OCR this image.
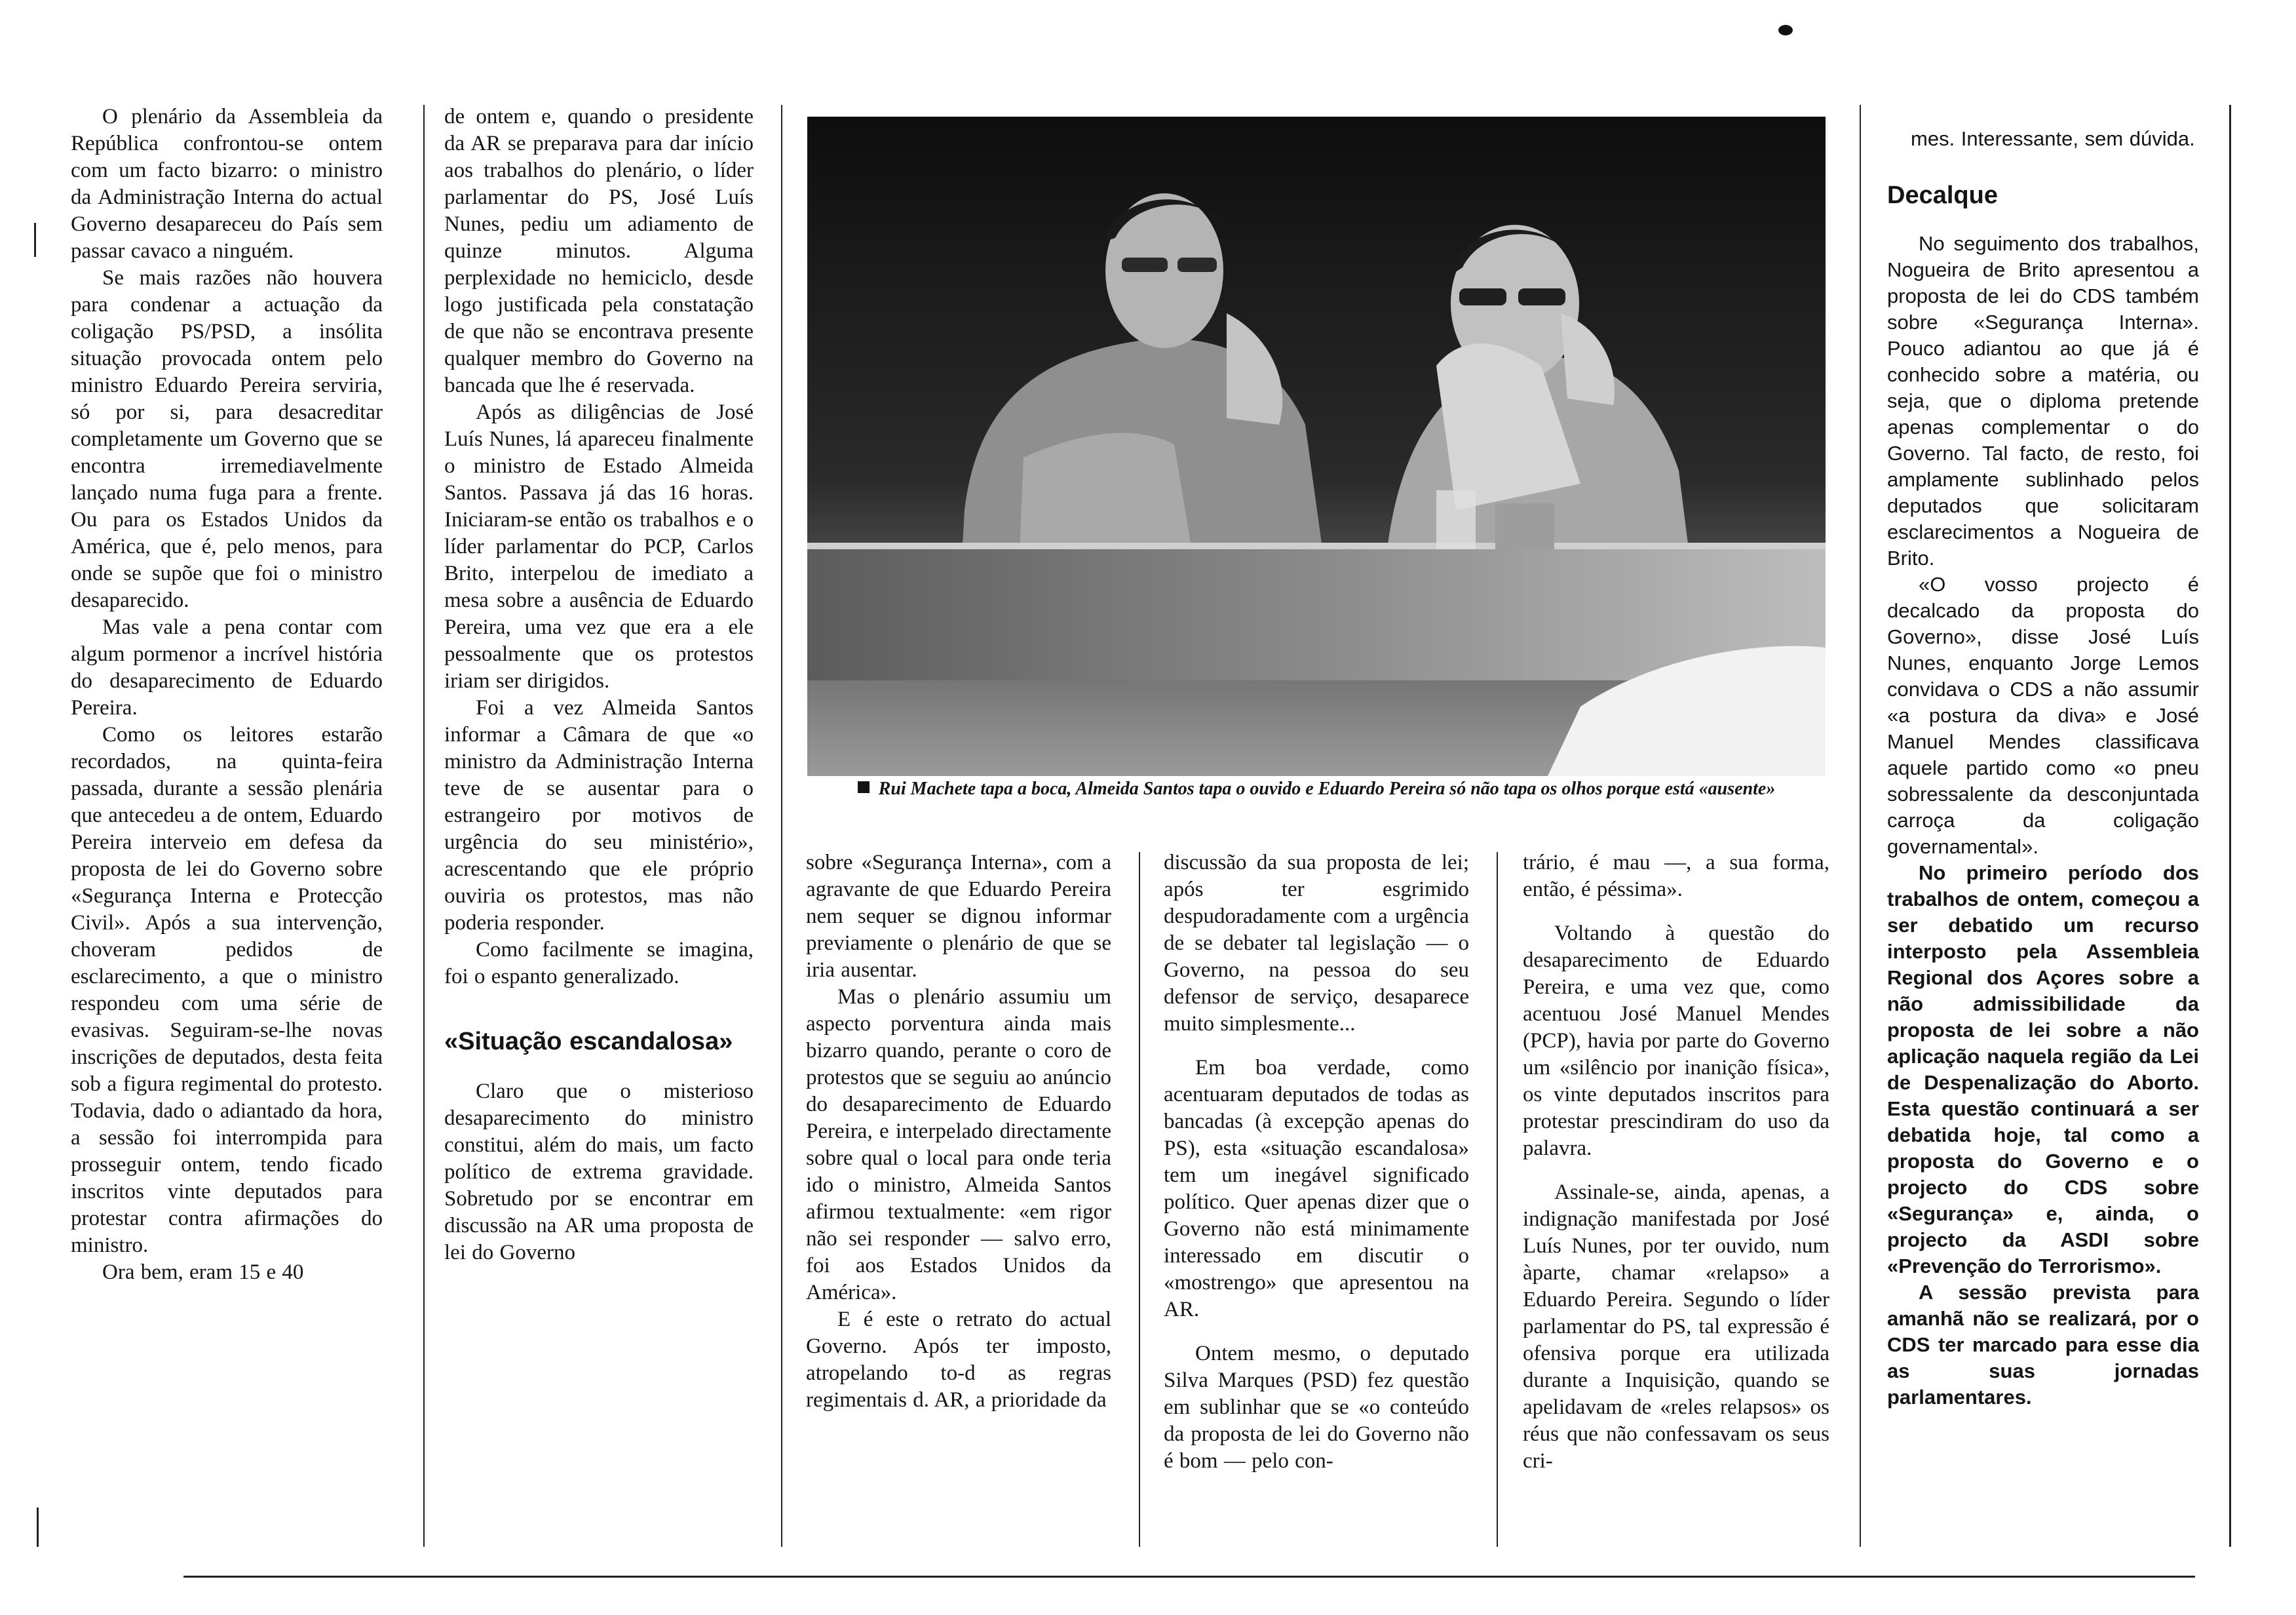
O plenário da Assembleia da República confrontou-se ontem com um facto bizarro: o ministro da Administração Interna do actual Governo desapareceu do País sem passar cavaco a ninguém.

Se mais razões não houvera para condenar a actuação da coligação PS/PSD, a insólita situação provocada ontem pelo ministro Eduardo Pereira serviria, só por si, para desacreditar completamente um Governo que se encontra irremediavelmente lançado numa fuga para a frente. Ou para os Estados Unidos da América, que é, pelo menos, para onde se supõe que foi o ministro desaparecido.

Mas vale a pena contar com algum pormenor a incrível história do desaparecimento de Eduardo Pereira.

Como os leitores estarão recordados, na quinta-feira passada, durante a sessão plenária que antecedeu a de ontem, Eduardo Pereira interveio em defesa da proposta de lei do Governo sobre «Segurança Interna e Protecção Civil». Após a sua intervenção, choveram pedidos de esclarecimento, a que o ministro respondeu com uma série de evasivas. Seguiram-se-lhe novas inscrições de deputados, desta feita sob a figura regimental do protesto. Todavia, dado o adiantado da hora, a sessão foi interrompida para prosseguir ontem, tendo ficado inscritos vinte deputados para protestar contra afirmações do ministro.

Ora bem, eram 15 e 40

de ontem e, quando o presidente da AR se preparava para dar início aos trabalhos do plenário, o líder parlamentar do PS, José Luís Nunes, pediu um adiamento de quinze minutos. Alguma perplexidade no hemiciclo, desde logo justificada pela constatação de que não se encontrava presente qualquer membro do Governo na bancada que lhe é reservada.

Após as diligências de José Luís Nunes, lá apareceu finalmente o ministro de Estado Almeida Santos. Passava já das 16 horas. Iniciaram-se então os trabalhos e o líder parlamentar do PCP, Carlos Brito, interpelou de imediato a mesa sobre a ausência de Eduardo Pereira, uma vez que era a ele pessoalmente que os protestos iriam ser dirigidos.

Foi a vez Almeida Santos informar a Câmara de que «o ministro da Administração Interna teve de se ausentar para o estrangeiro por motivos de urgência do seu ministério», acrescentando que ele próprio ouviria os protestos, mas não poderia responder.

Como facilmente se imagina, foi o espanto generalizado.

«Situação escandalosa»

Claro que o misterioso desaparecimento do ministro constitui, além do mais, um facto político de extrema gravidade. Sobretudo por se encontrar em discussão na AR uma proposta de lei do Governo

Rui Machete tapa a boca, Almeida Santos tapa o ouvido e Eduardo Pereira só não tapa os olhos porque está «ausente»

sobre «Segurança Interna», com a agravante de que Eduardo Pereira nem sequer se dignou informar previamente o plenário de que se iria ausentar.

Mas o plenário assumiu um aspecto porventura ainda mais bizarro quando, perante o coro de protestos que se seguiu ao anúncio do desaparecimento de Eduardo Pereira, e interpelado directamente sobre qual o local para onde teria ido o ministro, Almeida Santos afirmou textualmente: «em rigor não sei responder — salvo erro, foi aos Estados Unidos da América».

E é este o retrato do actual Governo. Após ter imposto, atropelando to-d as regras regimentais d. AR, a prioridade da

discussão da sua proposta de lei; após ter esgrimido despudoradamente com a urgência de se debater tal legislação — o Governo, na pessoa do seu defensor de serviço, desaparece muito simplesmente...

Em boa verdade, como acentuaram deputados de todas as bancadas (à excepção apenas do PS), esta «situação escandalosa» tem um inegável significado político. Quer apenas dizer que o Governo não está minimamente interessado em discutir o «mostrengo» que apresentou na AR.

Ontem mesmo, o deputado Silva Marques (PSD) fez questão em sublinhar que se «o conteúdo da proposta de lei do Governo não é bom — pelo con-

trário, é mau —, a sua forma, então, é péssima».

Voltando à questão do desaparecimento de Eduardo Pereira, e uma vez que, como acentuou José Manuel Mendes (PCP), havia por parte do Governo um «silêncio por inanição física», os vinte deputados inscritos para protestar prescindiram do uso da palavra.

Assinale-se, ainda, apenas, a indignação manifestada por José Luís Nunes, por ter ouvido, num àparte, chamar «relapso» a Eduardo Pereira. Segundo o líder parlamentar do PS, tal expressão é ofensiva porque era utilizada durante a Inquisição, quando se apelidavam de «reles relapsos» os réus que não confessavam os seus cri-

mes. Interessante, sem dúvida.

Decalque

No seguimento dos trabalhos, Nogueira de Brito apresentou a proposta de lei do CDS também sobre «Segurança Interna». Pouco adiantou ao que já é conhecido sobre a matéria, ou seja, que o diploma pretende apenas complementar o do Governo. Tal facto, de resto, foi amplamente sublinhado pelos deputados que solicitaram esclarecimentos a Nogueira de Brito.

«O vosso projecto é decalcado da proposta do Governo», disse José Luís Nunes, enquanto Jorge Lemos convidava o CDS a não assumir «a postura da diva» e José Manuel Mendes classificava aquele partido como «o pneu sobressalente da desconjuntada carroça da coligação governamental».

No primeiro período dos trabalhos de ontem, começou a ser debatido um recurso interposto pela Assembleia Regional dos Açores sobre a não admissibilidade da proposta de lei sobre a não aplicação naquela região da Lei de Despenalização do Aborto. Esta questão continuará a ser debatida hoje, tal como a proposta do Governo e o projecto do CDS sobre «Segurança» e, ainda, o projecto da ASDI sobre «Prevenção do Terrorismo».

A sessão prevista para amanhã não se realizará, por o CDS ter marcado para esse dia as suas jornadas parlamentares.
